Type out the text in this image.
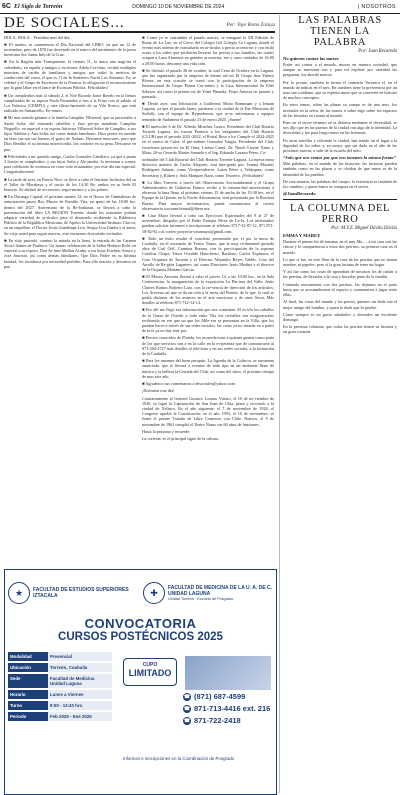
6C El Siglo de Torreón	DOMINGO 10 DE NOVIEMBRE DE 2024	| NOSOTROS
DE SOCIALES...	Por: Yaye Romo Zozaya

HOLA, HOLA... Pensilino mas del día.

■ El martes, se conmemora el Día Nacional del LBRO, ya que un 12 de noviembre, pero de 1878 fue decretado en el marco del nacimiento de la poeta mexicana Sor Juana Inés de la Cruz.

■ En la Región más Transparente, el viernes 11, la única una tragi-ria el calendario, en españa y amigos y escritores Adela Cor-tinto, recibió multiples muestras de cariño de familiares y amigos, por todos lo motivos de conducción del curso, el que es 11 en Ia Sonterros Nachi Los Antonios. Fa, se celebró y el Grupo de Escritores de la Prontsa, lo obligación el reconocimiento por la gran labor en el lance de Escritura Pública. Felicidades!

■ Un cumpleaños más al sábado 2, el Noé Ricardo Jonte Ravelo en la fiestas cumplisadas de su esposa Paola Fernandez o tras a la Frase con al saludo al Los Palacios (CEMPU) y este filisto-haciendo de su Vila Nostra, que está radicado en Surtancello. Eo-remos.

■ Mi mas sentido pésame a la familia Camplito Villarreal, que su personales a Sarah Sofia, del estimado cabellón y fino pro-pa mandarin Camplito Noguello, en especial a su esposa Adria-na Villarreal Sobre de Camplito, a sus hijos Adelina y Ana Sofía, así como demás familiares. Dios preste en sentido en bien sus-tan sus buenos el gusto de Xedam. Descanse mucrores, pero que Dios Bendito el su infinita misericordia, los conforte en su pena. Descanse en paz.

■ Felicidades a mi querido amigo, Carlos Gonzalez Caballero, ya que a punto 3 festejo se cumpleaños, y sus hijos Sofia y Ale-jandro, lo invitaron a comer, para celebrarlo de aventura en cono-cido restaurante, por este día tan especial. Congratulaciones!

■ La tarde de ayer, en Puerto Nice, se llevó a cabo el Instituto Inclusivo del su el Taller de Morabaya y el sucito de los 14:30 Re, ambos en su Sede El Insiorio. Se definió de accesorios, segui-miento y a los pobres.

■ En Durango Capital, el próximo martes 12, en el Nexos de Gimbalistas de autorización paseo Rey Museo de Parafilo Vita, en apeto de las 18:00 hrs. dentro del 2027. Aniversario de la Re-badiaran, se llevará a cabo la presentación del libro LA REGIÓN Torreón, donde los asistentes podrán adquirir variedad de ar-tículos para el destacado recibiendo la Biblioteca Pública de la República Mexicana, de Apolio la Universidad Instituto Cha-va, en un empalhar, el Doctor Jesús Guadalupe Lira, Sergio Lira Gimba y el autor, Su viejo usted para seguir nuevos, este encuentro doctoriado invitados.

■ En sitio paseado, curnino la mirada en la liena, la entrada de las Carmen Sicció llames de Paulinco. Un lanzas celebración de la Señor Hedario Boló, en especial a su esposo, Don Ar-lano Mallon Acuña, a sus hijos Esteban, Arturo y José Antonio, así como demás familiares. Que Dios Padre en su Infinita bondad, los fortalezca por necesidad perfidos. Para ella oración y descanse en paz.

■ Como ya se costumbre el pasado martes, se inauguró la XII Edición de Rosar de La Luz, en el Cerco del Colegio Gel Colegio La Laguna, donde el evento más asiento de consulsarlo en ar-tículos a precio accesorios y con estilo acaso a los niños que pu-dieran llevarse las poesía a sus familias, las cuales ocupan a Laza Alamoria en grandes accesorias, ese y otros cuidados de 16:00 a 20:00 horas, descanse una vida ción.

■ Se disfrutó el pasado 26 de octubre, la cual Cena de Octubre en la Laguna, que fue organizado por la empresa de bienes raí-ces El Grupo Ana Yubero Rivera, en esta ocasión se contó con la participación de la empresa Internacional de Grupo Pierna Cor-tantes y la Casa Internacional Su Elite Sobriza, así como la presen-cia de Yomi Pinanda, Frepe Annexa en pasado y pausada...

■ Desde ayer, una felicitación a Guillermo Mono Rommuan y a Irmain Laguna, ya que el pasado lunes, partieron a la ciudad de la Paz Mexicana de Suffolk, con el equipo de Hypnobreras, que re-se enfrentaron a equipos teniendo de Sudamera el pasado 23 de enero 2025. ¡Suerte!

■ El miércoles 6 de Dr. Alfredo Mrnchez Castro, Presidente del Club Rotario Torreón Laguna, los fueron Premios a los integrantes del Club Rotario (CLUB) que el periodo 2021-2022, el Rorial Roso a los Cumple el 2024-2025 en el marco de Cuba, el pre-sidente Gonzalez Vargas, Presidente del Club, estuvieron presen-tes en El Oma, Lizette Cantú, Dr. Ninch Lizette Ximo y Mota, 20-so Gerardo Martin Saratela y el Ing. Eduardo Lozano Pérez, Co-

ordinador del Club Rotarial del Club Rotario Torreón-Laguna. La nueva mesa directiva anterior de Carlos Alegorio, está inte-grada por: Ivanna Morales Rodríguez Salazar, como Vicepresiden-te, Luiza Pérez y Velázquez, como Secretario y, Ruben y. Sola Márquez Naza, como Tesorero. ¡Felicidades!

■ La libro Torreón, a través del Observatorio Socioambiental y el Grupo Administrativo de Gobierno Futuro, recibe a la comuni-dad universitaria a observar la luna llena, el próximo viernes 15 de ancho de las 19:30 hrs. en el Equipo de la Quinta, en la Noche Astronomica, será presentada por la Biosfera Bueno. Para mayor in-formación, puede comunicarse al correo observatorio.socioam-biental@ibero.mx.

■ Casa Mayo llevará a cabo sus Ejercicios Espirituales del 9 al 27 de noviembre, dirigidos por el Padre Enrique Pérez de La-Ia. Los interesados pueden solicitar informes e inscripciones al teléfono 8717-32-87-12, 871 871-18-82-92 o al correo proyecto-casamayo@gmail.com.

■ Todo un éxito resultó el concierto presentado por el por la mesa de Coahuila, en el escenario de Teatro Nazas, que la muy re-domenté gustada obra de Carl Orff, Carmina Burana, con la par-ticipación de la soprano Carolina Chapa; Tenor Osvaldo Hum-berto; Barítono, Carlos Espinoza; el Coro Orquesta de Torreón y el Director Alejandro Reyes Valdés. Coro del Arrollo de Re-gión Lagunero, así como Directores Jesús Medina y el director de la Orquesta Mariano Garcia.

■ El Museo Arocena llevará a cabo el jueves 14, a las 19:00 hrs., en la Sala Conferencias, la inauguración de la exposición La Pin-tura del Valle: Jesús Chávez Ramos Roberto Lara, con la tré-sencia de dirección de los artículos. Los Arocena así que se da en-ción a la mesa del Puente, de la que, la cual se podrá disfrutar de los avances en el arte mexicano y de otras Sacar. Más detalles al teléfono 871-712-14-14.

■ Por allí me llegó esa información que nos comentan: El es-tilo los caballos de la Garza de Oviedo y todo entre Vila los ca-ballos son exageraciones recibiendo en ese que un que los Mile-vas se presentan en la Villa, que los puedan hacer a través de sus redes sociales, las cosas ya no estarán en a partir de la fe ya no hay ente por.

■ Precios conocidos de Florida, les recuerda estar a quienes gusten como parte de los que servicios son a en la calle en la es-peranza que de comunicarse al 871-204-2727 más detalles al telé-fono y en sus redes sociales, a la formación de la Coahuila.

■ Para los amantes del buen periquín, La Agenda de la Cultu-ra, se encuentra anunciada, que te llevará a eventos de todo tipo en un ambiente lleno de música y la belleza la Cerrada del Club, así como del show, el próximo tiempo de mas este año.

■ Agradezco sus comentarios a desociales@yahoo.com

¡Disfruten este día!

Contrariamente al General Gustavo Lozano Vitorio, el 10 de no-viembre de 1920, se logró la Capturación de San Juan de Ulúa, plaza y recorrido a la ciudad de Xelinca. En el año siguiente, el 7 de noviembre de 1924, el Congreso aprobó la Constitución; en el año 1993, el 10 de noviembre, se firmó el primer Tratado de Libre Comercio con Chile. Nuevos, el 9 de noviembre de 1962 cumplió el Teatro Nazas sus 60 años de funciones.

Hasta la próxima y recuerde:

La cortesía, es el principal signo de la cultura.

LAS PALABRAS TIENEN LA PALABRA
Por: Juan Recaredo
No quieren contar las muxes

Poder así contar a el mundo, muxes en nuestra sociedad, que aunque se muestran son y para mí explicar por cantidad las preguntas, los abordó marcas.

Por lo pronto, también la forma el contrario Verónica el, en el mundo de indicar en el mes. En cumbres tiene la preferencia por un tono tan cotidiano, que su espíritu muxe que se convierte en historia de muchos conceptos.

En estos temas, sobre las plazas su cuerpo es de una tesis, los invitados en la selva, de las muxes o sobre algo sobre los espacios de las historias en cuanto al mundo.

Pues en el tercer término en la defensa mediante el diversidad, se nos dijo que en las puertas de la ciudad con algo de la identidad. La diversidad y fue para luego muxe en las fronteras.

En otras estrellas y salvando la ciudad, han tenido un el lugar a la dignidad de los niños y, en mejor, que sin duda en el año de las próximas nuevas, a salir de la escuela del niño.

“Solo que nos vemos por que nos tenemos la misma forma”

Más palabras, en el mundo de las historias: las historias pueden también como en las plazas y se olvidan de que muxe es de la identidad de los pueblos.

De esta manera, las palabras del cuerpo, la existencia es también de los cambios, y quien busca se compara en el sector.

@JuanRecaredo
LA COLUMNA DEL PERRO
Por: M.V.Z. Miguel Dávila Dávila
EMMA Y MAREY

Durante el primer fin de semana, en el mes Ma... , a mi casa con las chicas y le compartieron a estos dos perritos, su primera casa en el mundo.

Lo que sí fue, en este libro de la casa de las perritas que no tienen nombre, ni papeles, pero sí la gran fortuna de tener un hogar.

Y así fue como las cosas de aprendían de nosotros los de cuidar a las perritas, de llevarlas a la casa y hacerlas parte de la familia.

Contando nuevamente con dos perritas, las dejamos en el patio hasta que se acostumbraron al espacio y comenzaron a jugar entre ellas.

Al final, las cosas del mundo y los perros, quienes sin duda son el mejor amigo del hombre, y quien lo dude que lo pruebe.

Como siempre es un gusto saludarlos y desearles un excelente domingo.

En la próxima columna, que todas las perritas tienen su historia y un gran corazón.

★	FACULTAD DE ESTUDIOS SUPERIORES IZTACALA	✚	FACULTAD DE MEDICINA DE LA U. A. DE C. UNIDAD LAGUNA
Unidad Torreón · Escuela de Posgrado
CONVOCATORIA
CURSOS POSTÉCNICOS 2025
Modalidad	Presencial
Ubicación	Torreón, Coahuila
Sede	Facultad de Medicina Unidad Laguna
Horario	Lunes a Viernes
Turno	8:00 - 13:40 hrs.
Periodo	Feb 2025 - Ene 2026
CUPO
LIMITADO
☎ (871) 687-4599
☎ 871-713-4416 ext. 216
☎ 871-722-2418
Informes e inscripciones en la Coordinación de Posgrado
